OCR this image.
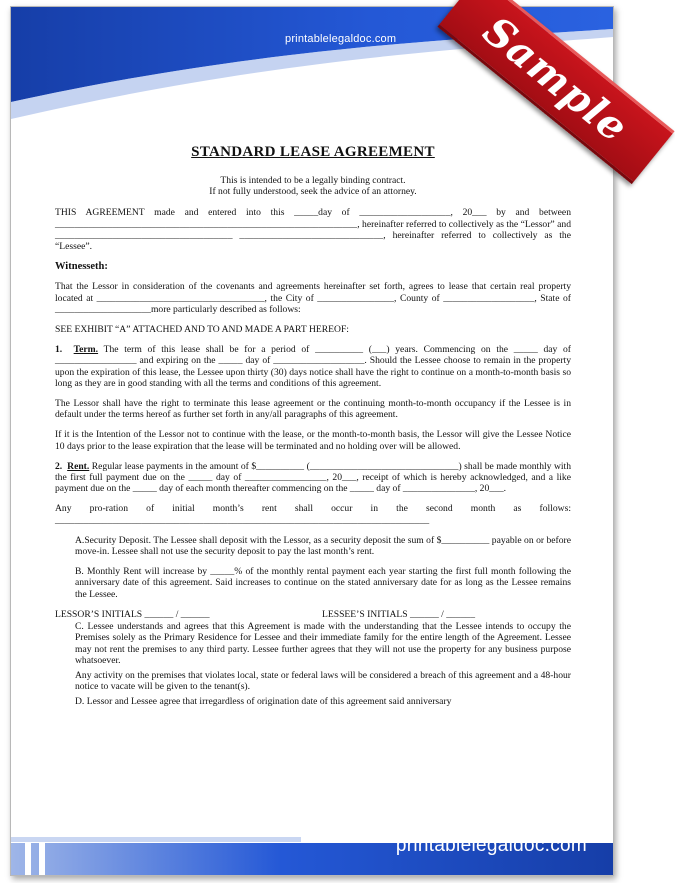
printablelegaldoc.com Sample
STANDARD LEASE AGREEMENT
This is intended to be a legally binding contract.
If not fully understood, seek the advice of an attorney.

THIS AGREEMENT made and entered into this _____day of ___________________, 20___ by and between _______________________________________________________________, hereinafter referred to collectively as the “Lessor” and _____________________________________ ______________________________, hereinafter referred to collectively as the “Lessee”.

Witnesseth:

That the Lessor in consideration of the covenants and agreements hereinafter set forth, agrees to lease that certain real property located at ___________________________________, the City of ________________, County of ___________________, State of ____________________more particularly described as follows:

SEE EXHIBIT “A” ATTACHED AND TO AND MADE A PART HEREOF:

1. Term. The term of this lease shall be for a period of __________ (___) years. Commencing on the _____ day of _________________ and expiring on the _____ day of ___________________. Should the Lessee choose to remain in the property upon the expiration of this lease, the Lessee upon thirty (30) days notice shall have the right to continue on a month-to-month basis so long as they are in good standing with all the terms and conditions of this agreement.

The Lessor shall have the right to terminate this lease agreement or the continuing month-to-month occupancy if the Lessee is in default under the terms hereof as further set forth in any/all paragraphs of this agreement.

If it is the Intention of the Lessor not to continue with the lease, or the month-to-month basis, the Lessor will give the Lessee Notice 10 days prior to the lease expiration that the lease will be terminated and no holding over will be allowed.

2. Rent. Regular lease payments in the amount of $__________ (_______________________________) shall be made monthly with the first full payment due on the _____ day of _________________, 20___, receipt of which is hereby acknowledged, and a like payment due on the _____ day of each month thereafter commencing on the _____ day of _______________, 20___.

Any pro-ration of initial month’s rent shall occur in the second month as follows: ______________________________________________________________________________

A.Security Deposit. The Lessee shall deposit with the Lessor, as a security deposit the sum of $__________ payable on or before move-in. Lessee shall not use the security deposit to pay the last month’s rent.

B. Monthly Rent will increase by _____% of the monthly rental payment each year starting the first full month following the anniversary date of this agreement. Said increases to continue on the stated anniversary date for as long as the Lessee remains the Lessee.

LESSOR’S INITIALS ______ / ______	LESSEE’S INITIALS ______ / ______

C. Lessee understands and agrees that this Agreement is made with the understanding that the Lessee intends to occupy the Premises solely as the Primary Residence for Lessee and their immediate family for the entire length of the Agreement. Lessee may not rent the premises to any third party. Lessee further agrees that they will not use the property for any business purpose whatsoever.

Any activity on the premises that violates local, state or federal laws will be considered a breach of this agreement and a 48-hour notice to vacate will be given to the tenant(s).

D. Lessor and Lessee agree that irregardless of origination date of this agreement said anniversary

printablelegaldoc.com
